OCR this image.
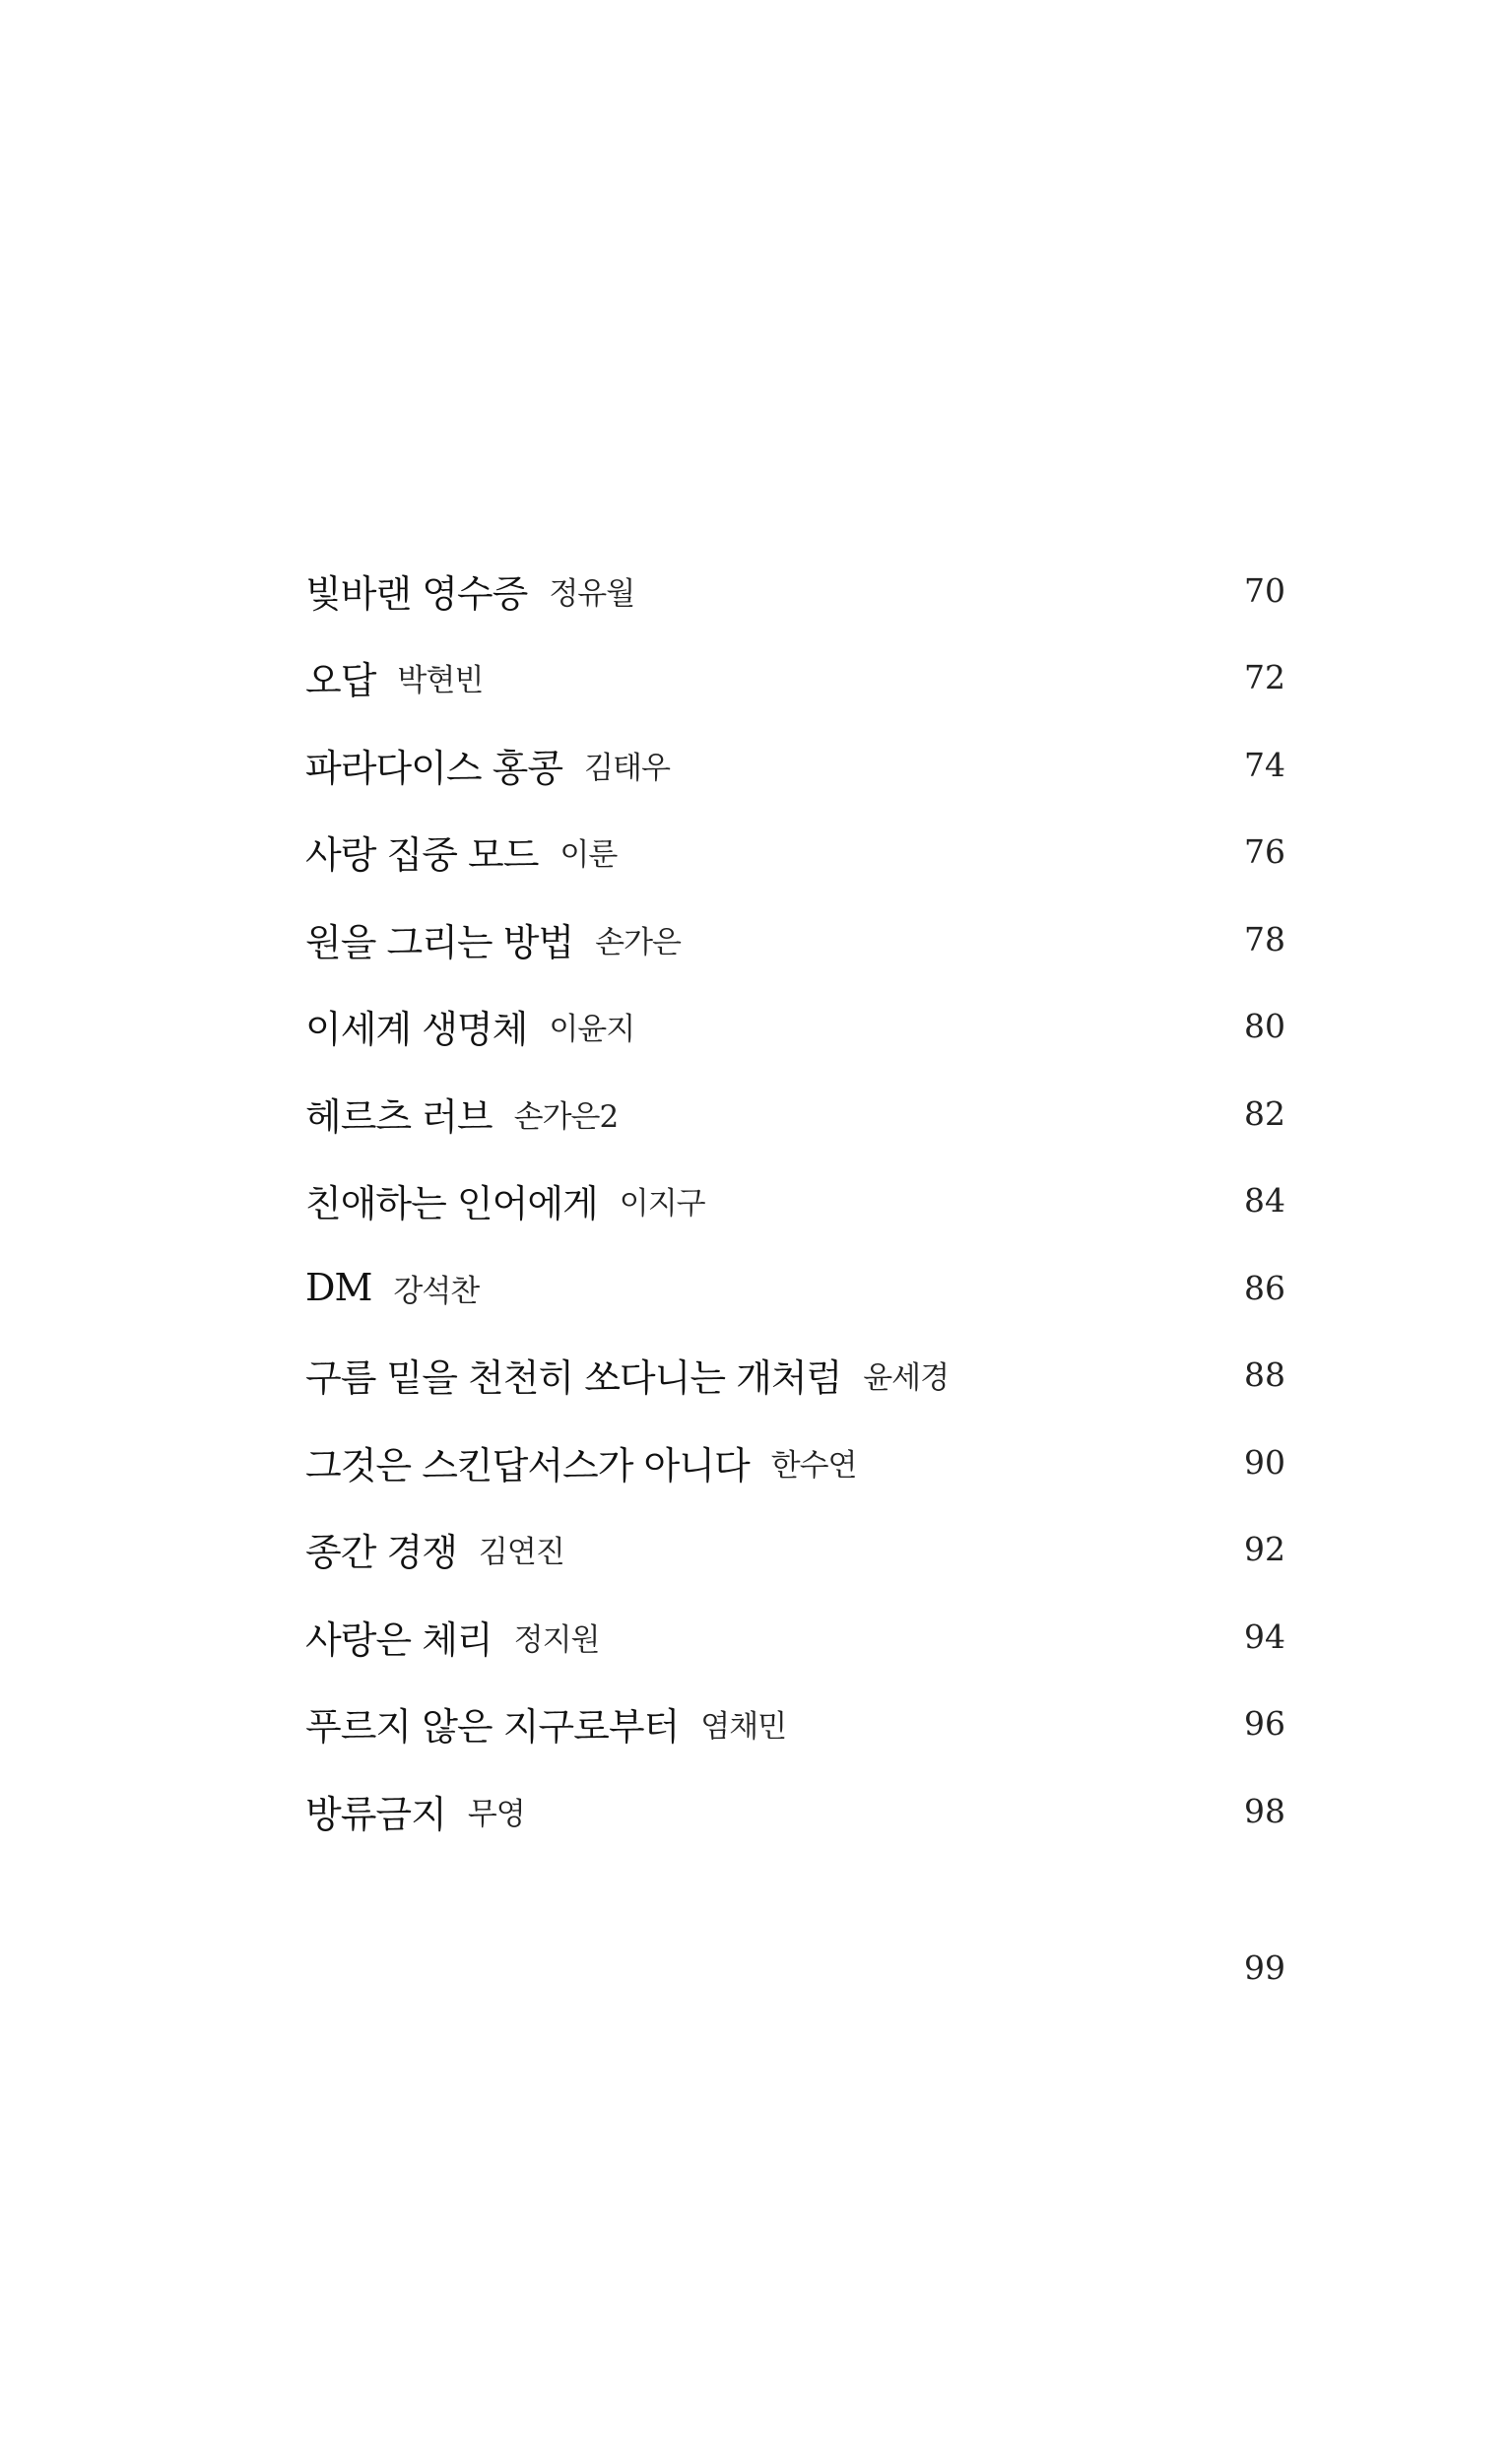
빛바랜 영수증 정유월	70
오답 박현빈	72
파라다이스 홍콩 김태우	74
사랑 집중 모드 이룬	76
원을 그리는 방법 손가은	78
이세계 생명체 이윤지	80
헤르츠 러브 손가은2	82
친애하는 인어에게 이지구	84
DM 강석찬	86
구름 밑을 천천히 쏘다니는 개처럼 윤세경	88
그것은 스킨답서스가 아니다 한수연	90
종간 경쟁 김연진	92
사랑은 체리 정지원	94
푸르지 않은 지구로부터 염채민	96
방류금지 무영	98
99
